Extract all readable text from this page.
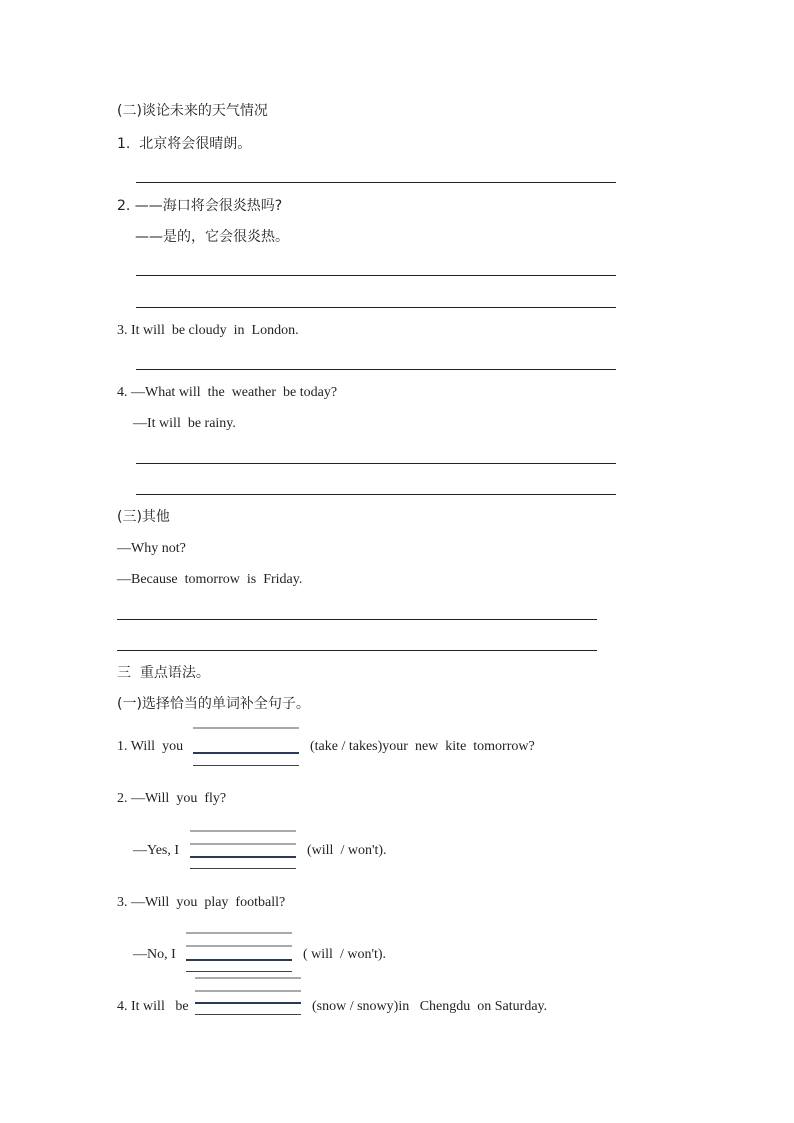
(二)谈论未来的天气情况
1.  北京将会很晴朗。
2. ——海口将会很炎热吗?
——是的，它会很炎热。
3. It will  be cloudy  in  London.
4. —What will  the  weather  be today?
—It will  be rainy.
(三)其他
—Why not?
—Because  tomorrow  is  Friday.
三  重点语法。
(一)选择恰当的单词补全句子。
1. Will  you	(take / takes)your  new  kite  tomorrow?
2. —Will  you  fly?
—Yes, I	(will  / won't).
3. —Will  you  play  football?
—No, I	( will  / won't).
4. It will   be	(snow / snowy)in   Chengdu  on Saturday.
